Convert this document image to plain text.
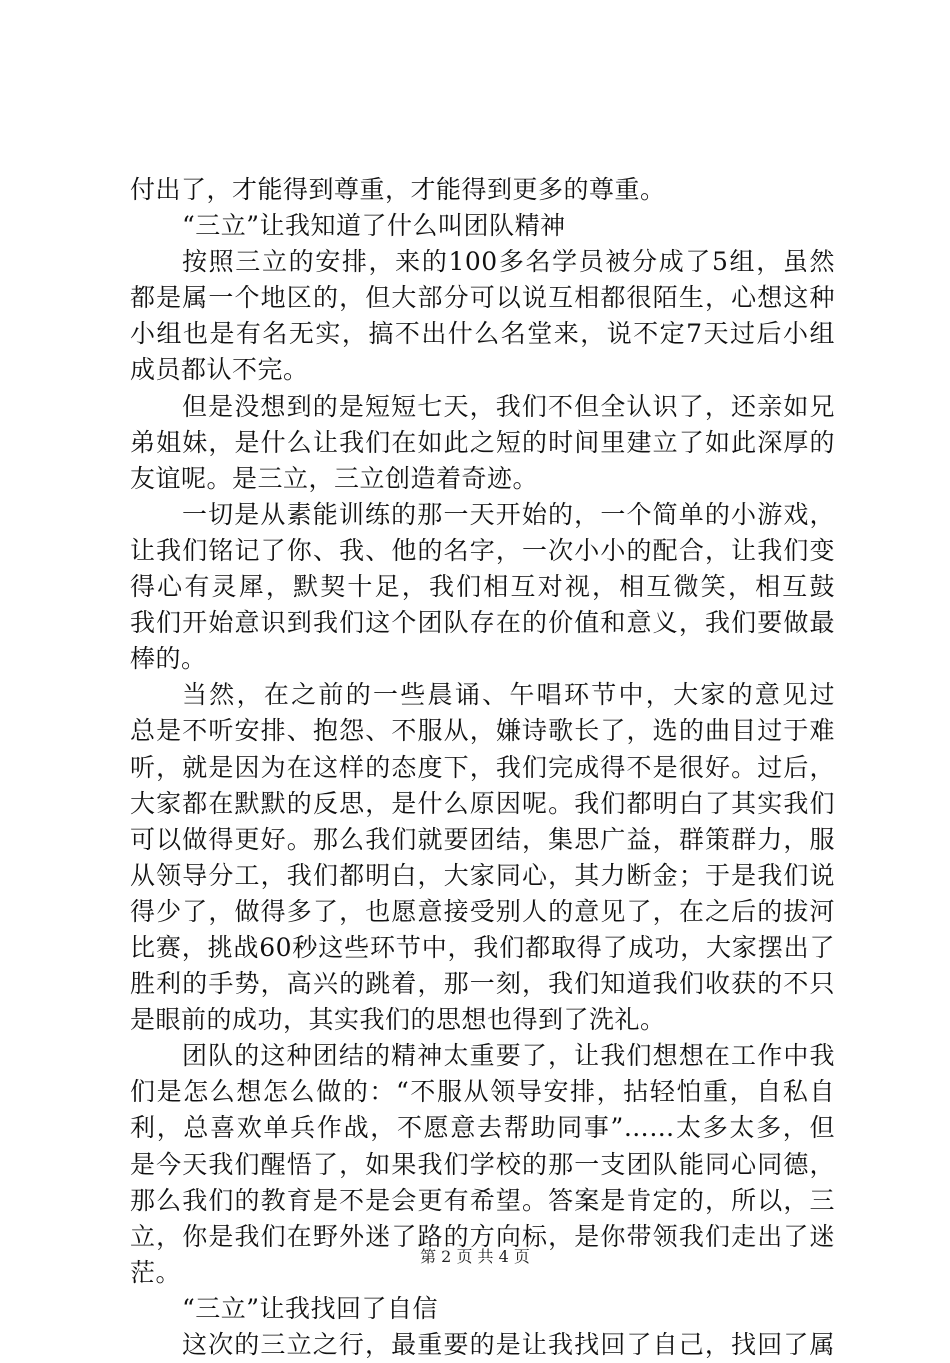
付出了，才能得到尊重，才能得到更多的尊重。
“三立”让我知道了什么叫团队精神
按照三立的安排，来的100多名学员被分成了5组，虽然
都是属一个地区的，但大部分可以说互相都很陌生，心想这种
小组也是有名无实，搞不出什么名堂来，说不定7天过后小组
成员都认不完。
但是没想到的是短短七天，我们不但全认识了，还亲如兄
弟姐妹，是什么让我们在如此之短的时间里建立了如此深厚的
友谊呢。是三立，三立创造着奇迹。
一切是从素能训练的那一天开始的，一个简单的小游戏，
让我们铭记了你、我、他的名字，一次小小的配合，让我们变
得心有灵犀，默契十足，我们相互对视，相互微笑，相互鼓
我们开始意识到我们这个团队存在的价值和意义，我们要做最
棒的。
当然，在之前的一些晨诵、午唱环节中，大家的意见过
总是不听安排、抱怨、不服从，嫌诗歌长了，选的曲目过于难
听，就是因为在这样的态度下，我们完成得不是很好。过后，
大家都在默默的反思，是什么原因呢。我们都明白了其实我们
可以做得更好。那么我们就要团结，集思广益，群策群力，服
从领导分工，我们都明白，大家同心，其力断金；于是我们说
得少了，做得多了，也愿意接受别人的意见了，在之后的拔河
比赛，挑战60秒这些环节中，我们都取得了成功，大家摆出了
胜利的手势，高兴的跳着，那一刻，我们知道我们收获的不只
是眼前的成功，其实我们的思想也得到了洗礼。
团队的这种团结的精神太重要了，让我们想想在工作中我
们是怎么想怎么做的：“不服从领导安排，拈轻怕重，自私自
利，总喜欢单兵作战，不愿意去帮助同事”……太多太多，但
是今天我们醒悟了，如果我们学校的那一支团队能同心同德，
那么我们的教育是不是会更有希望。答案是肯定的，所以，三
立，你是我们在野外迷了路的方向标，是你带领我们走出了迷
茫。
“三立”让我找回了自信
这次的三立之行，最重要的是让我找回了自己，找回了属
第 2 页 共 4 页
